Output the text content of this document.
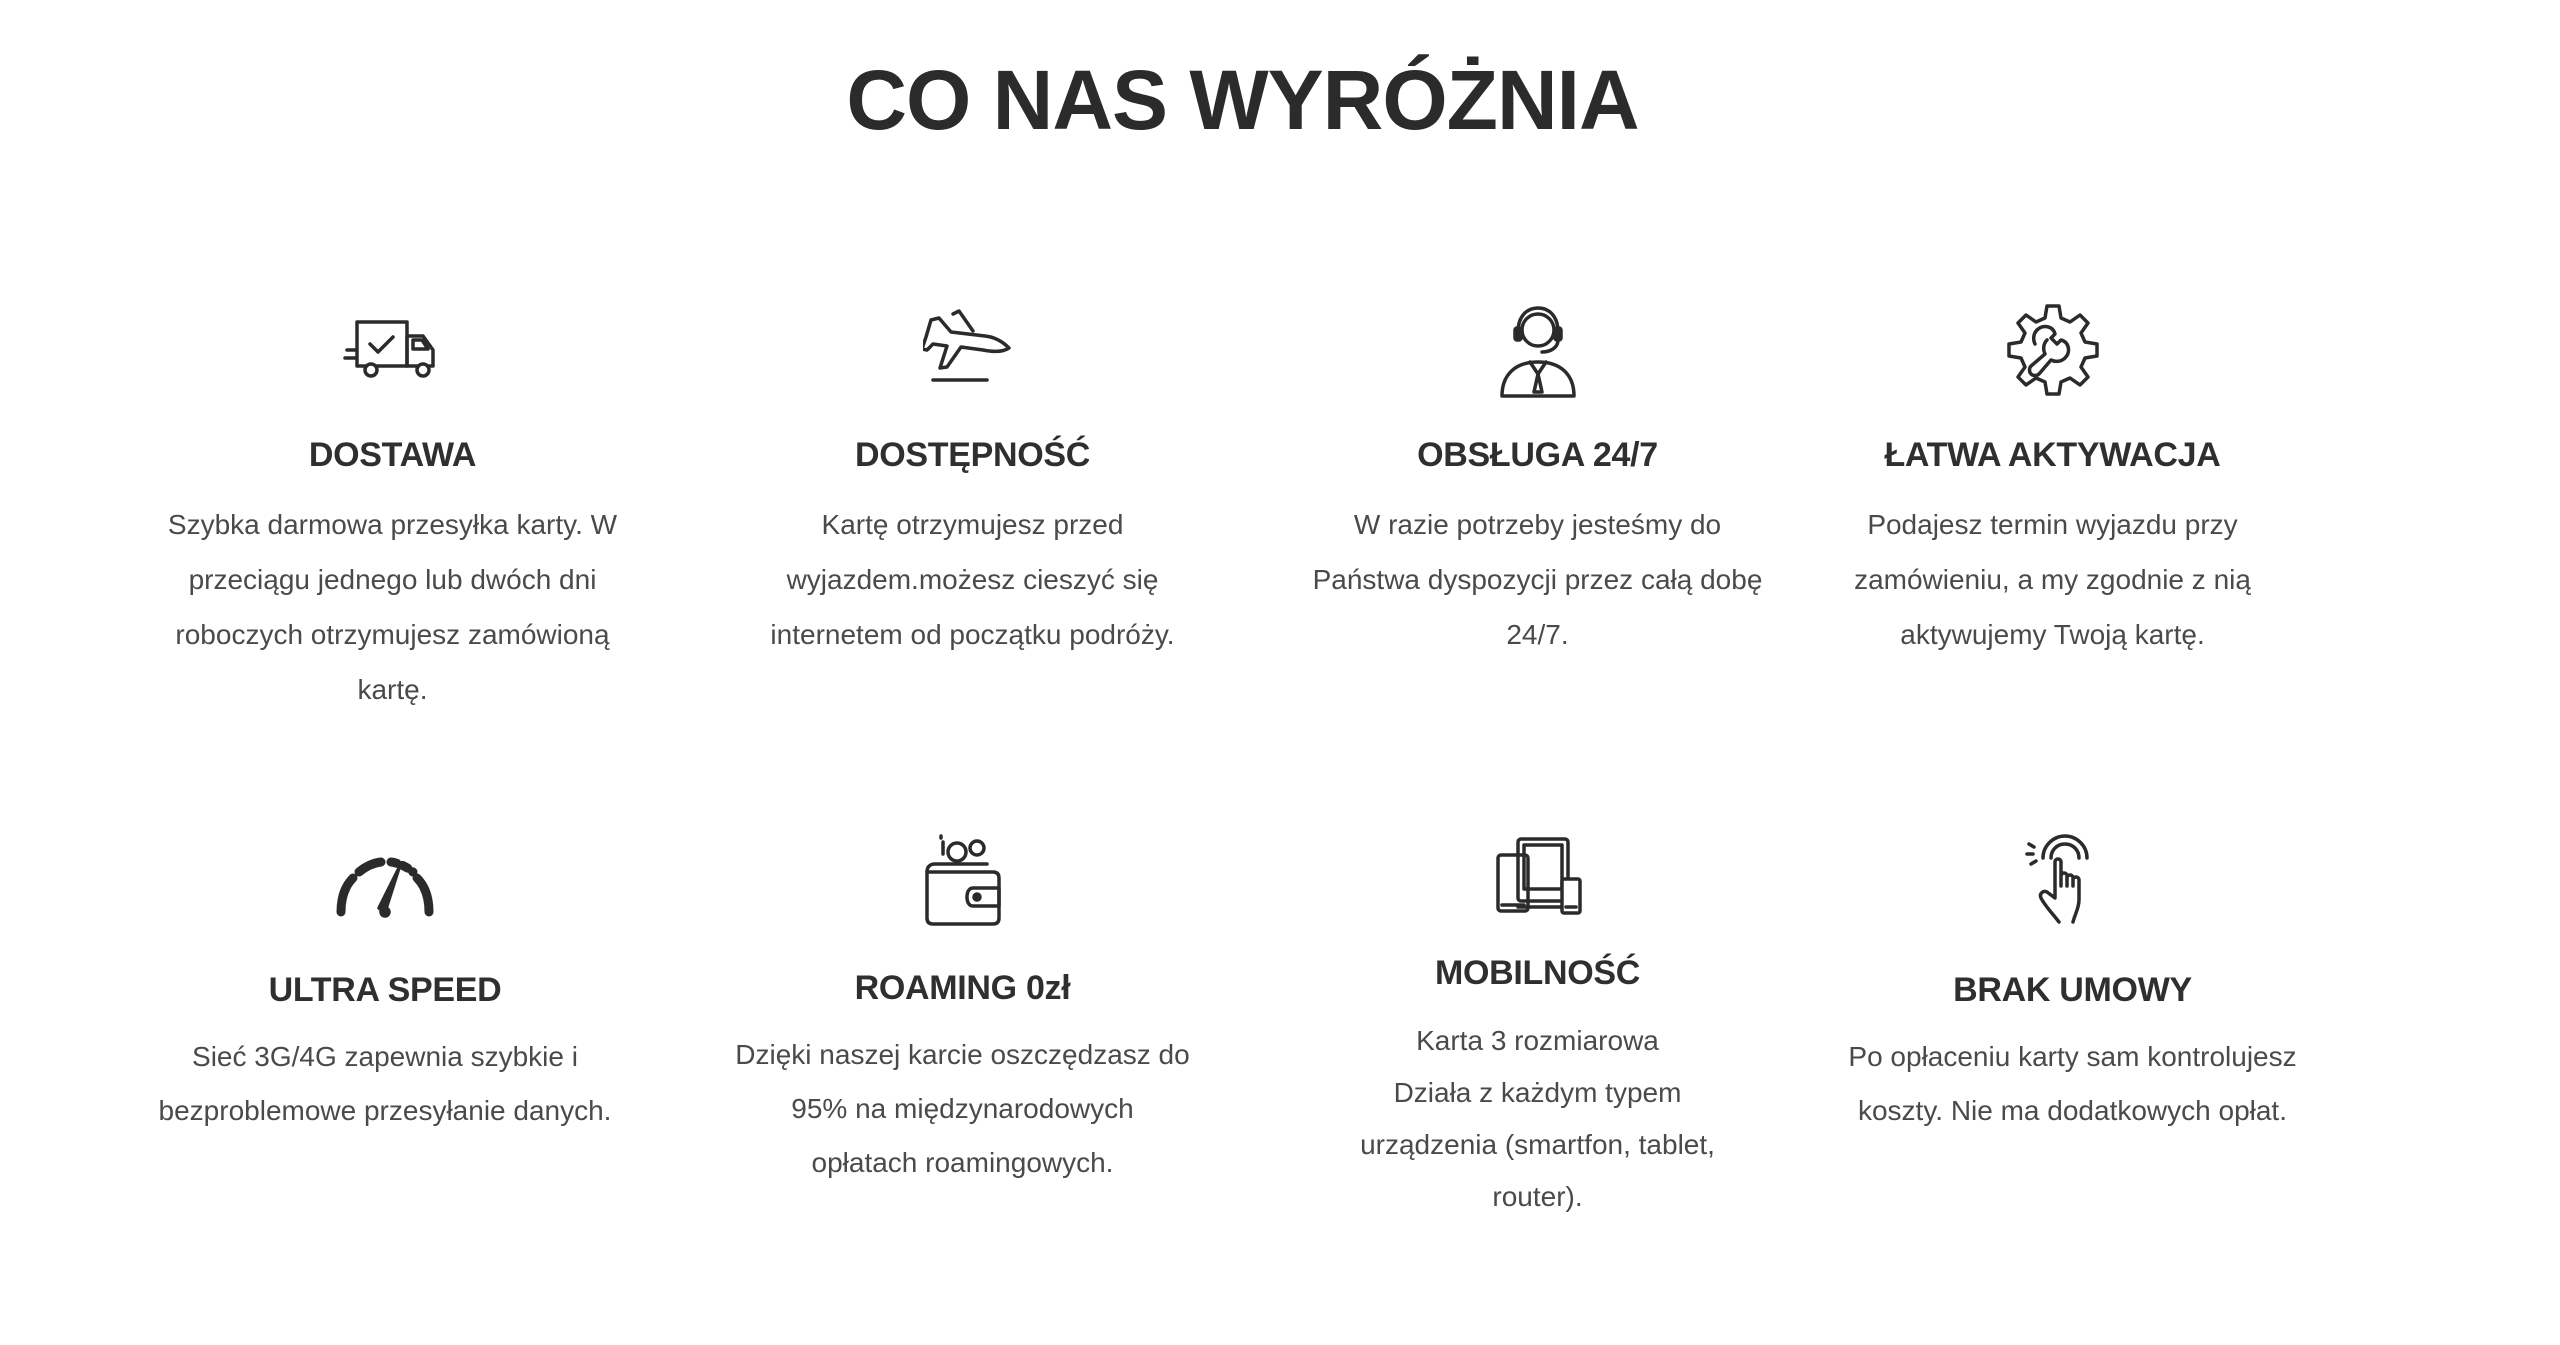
CO NAS WYRÓŻNIA

DOSTAWA

Szybka darmowa przesyłka karty. W
przeciągu jednego lub dwóch dni
roboczych otrzymujesz zamówioną
kartę.

DOSTĘPNOŚĆ

Kartę otrzymujesz przed
wyjazdem.możesz cieszyć się
internetem od początku podróży.

OBSŁUGA 24/7

W razie potrzeby jesteśmy do
Państwa dyspozycji przez całą dobę
24/7.

ŁATWA AKTYWACJA

Podajesz termin wyjazdu przy
zamówieniu, a my zgodnie z nią
aktywujemy Twoją kartę.

ULTRA SPEED

Sieć 3G/4G zapewnia szybkie i
bezproblemowe przesyłanie danych.

ROAMING 0zł

Dzięki naszej karcie oszczędzasz do
95% na międzynarodowych
opłatach roamingowych.

MOBILNOŚĆ

Karta 3 rozmiarowa
Działa z każdym typem
urządzenia (smartfon, tablet,
router).

BRAK UMOWY

Po opłaceniu karty sam kontrolujesz
koszty. Nie ma dodatkowych opłat.
